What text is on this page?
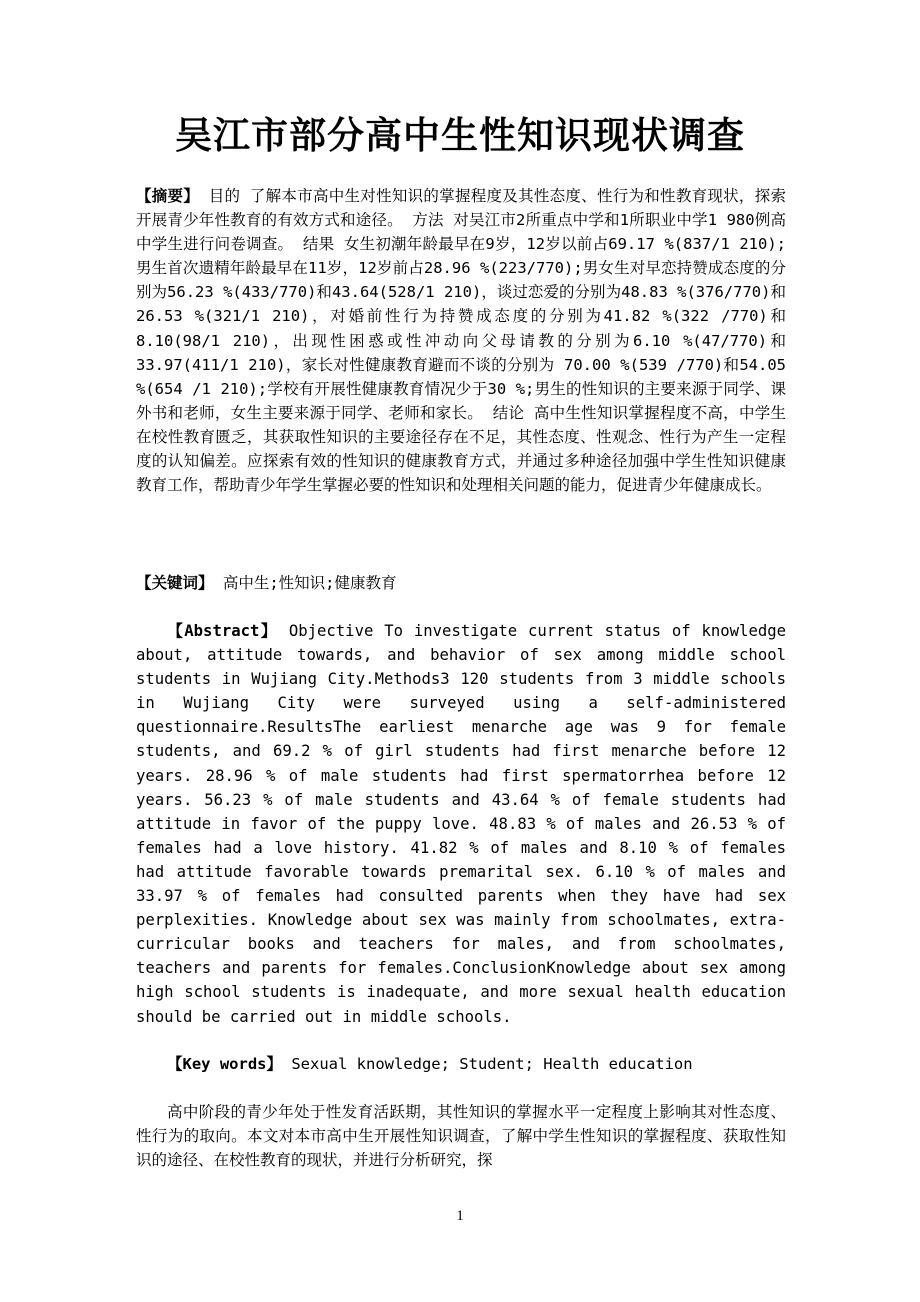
吴江市部分高中生性知识现状调查
【摘要】 目的 了解本市高中生对性知识的掌握程度及其性态度、性行为和性教育现状，探索开展青少年性教育的有效方式和途径。 方法 对吴江市2所重点中学和1所职业中学1 980例高中学生进行问卷调查。 结果 女生初潮年龄最早在9岁，12岁以前占69.17 %(837/1 210);男生首次遗精年龄最早在11岁，12岁前占28.96 %(223/770);男女生对早恋持赞成态度的分别为56.23 %(433/770)和43.64(528/1 210)，谈过恋爱的分别为48.83 %(376/770)和 26.53 %(321/1 210)，对婚前性行为持赞成态度的分别为41.82 %(322 /770)和 8.10(98/1 210)，出现性困惑或性冲动向父母请教的分别为6.10 %(47/770)和33.97(411/1 210)，家长对性健康教育避而不谈的分别为 70.00 %(539 /770)和54.05 %(654 /1 210);学校有开展性健康教育情况少于30 %;男生的性知识的主要来源于同学、课外书和老师，女生主要来源于同学、老师和家长。 结论 高中生性知识掌握程度不高，中学生在校性教育匮乏，其获取性知识的主要途径存在不足，其性态度、性观念、性行为产生一定程度的认知偏差。应探索有效的性知识的健康教育方式，并通过多种途径加强中学生性知识健康教育工作，帮助青少年学生掌握必要的性知识和处理相关问题的能力，促进青少年健康成长。
【关键词】 高中生;性知识;健康教育
【Abstract】 Objective To investigate current status of knowledge about, attitude towards, and behavior of sex among middle school students in Wujiang City.Methods3 120 students from 3 middle schools in Wujiang City were surveyed using a self-administered questionnaire.ResultsThe earliest menarche age was 9 for female students, and 69.2 % of girl students had first menarche before 12 years. 28.96 % of male students had first spermatorrhea before 12 years. 56.23 % of male students and 43.64 % of female students had attitude in favor of the puppy love. 48.83 % of males and 26.53 % of females had a love history. 41.82 % of males and 8.10 % of females had attitude favorable towards premarital sex. 6.10 % of males and 33.97 % of females had consulted parents when they have had sex perplexities. Knowledge about sex was mainly from schoolmates, extra-curricular books and teachers for males, and from schoolmates, teachers and parents for females.ConclusionKnowledge about sex among high school students is inadequate, and more sexual health education should be carried out in middle schools.
【Key words】 Sexual knowledge; Student; Health education
高中阶段的青少年处于性发育活跃期，其性知识的掌握水平一定程度上影响其对性态度、性行为的取向。本文对本市高中生开展性知识调查，了解中学生性知识的掌握程度、获取性知识的途径、在校性教育的现状，并进行分析研究，探
1
